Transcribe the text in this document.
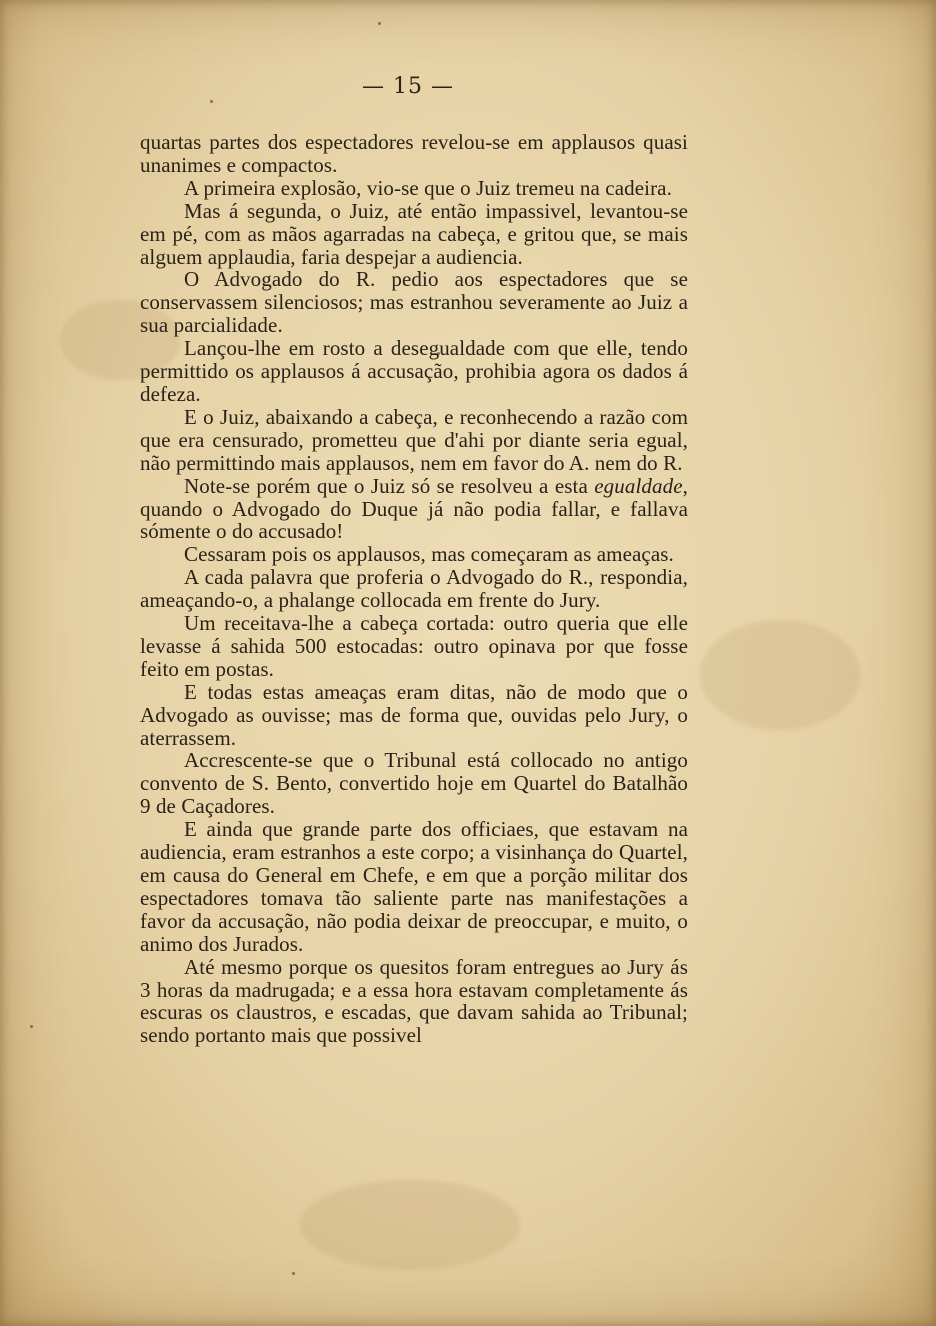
— 15 —

quartas partes dos espectadores revelou-se em applausos quasi unanimes e compactos.

A primeira explosão, vio-se que o Juiz tremeu na cadeira.

Mas á segunda, o Juiz, até então impassivel, levantou-se em pé, com as mãos agarradas na cabeça, e gritou que, se mais alguem applaudia, faria despejar a audiencia.

O Advogado do R. pedio aos espectadores que se conservassem silenciosos; mas estranhou severamente ao Juiz a sua parcialidade.

Lançou-lhe em rosto a desegualdade com que elle, tendo permittido os applausos á accusação, prohibia agora os dados á defeza.

E o Juiz, abaixando a cabeça, e reconhecendo a razão com que era censurado, prometteu que d'ahi por diante seria egual, não permittindo mais applausos, nem em favor do A. nem do R.

Note-se porém que o Juiz só se resolveu a esta egualdade, quando o Advogado do Duque já não podia fallar, e fallava sómente o do accusado!

Cessaram pois os applausos, mas começaram as ameaças.

A cada palavra que proferia o Advogado do R., respondia, ameaçando-o, a phalange collocada em frente do Jury.

Um receitava-lhe a cabeça cortada: outro queria que elle levasse á sahida 500 estocadas: outro opinava por que fosse feito em postas.

E todas estas ameaças eram ditas, não de modo que o Advogado as ouvisse; mas de forma que, ouvidas pelo Jury, o aterrassem.

Accrescente-se que o Tribunal está collocado no antigo convento de S. Bento, convertido hoje em Quartel do Batalhão 9 de Caçadores.

E ainda que grande parte dos officiaes, que estavam na audiencia, eram estranhos a este corpo; a visinhança do Quartel, em causa do General em Chefe, e em que a porção militar dos espectadores tomava tão saliente parte nas manifestações a favor da accusação, não podia deixar de preoccupar, e muito, o animo dos Jurados.

Até mesmo porque os quesitos foram entregues ao Jury ás 3 horas da madrugada; e a essa hora estavam completamente ás escuras os claustros, e escadas, que davam sahida ao Tribunal; sendo portanto mais que possivel
